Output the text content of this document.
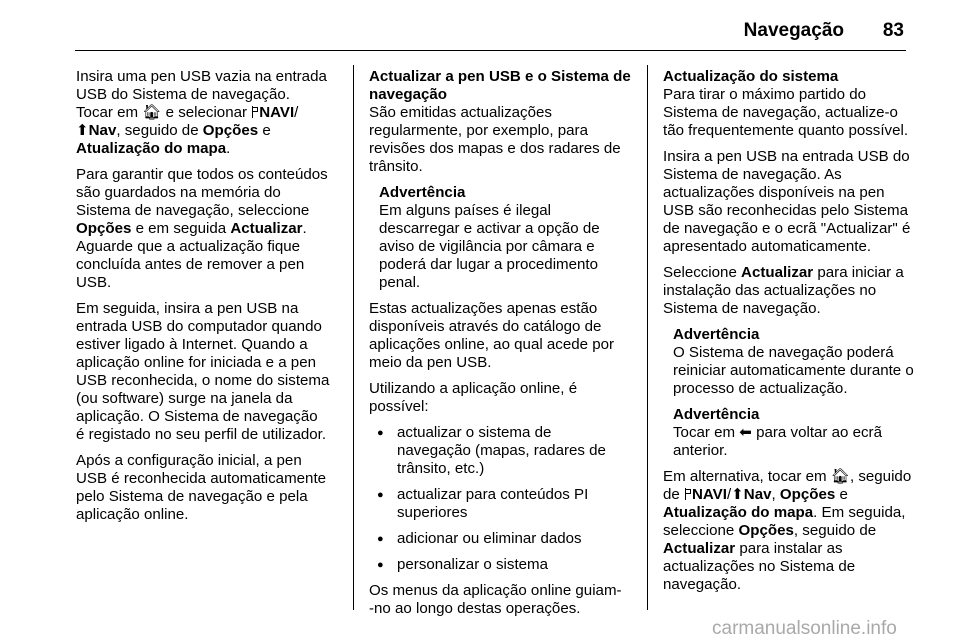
Navegação	83
Insira uma pen USB vazia na entrada
USB do Sistema de navegação.
Tocar em 🏠︎ e selecionar NAVI/
⬆Nav, seguido de Opções e
Atualização do mapa.
Para garantir que todos os conteúdos
são guardados na memória do
Sistema de navegação, seleccione
Opções e em seguida Actualizar.
Aguarde que a actualização fique
concluída antes de remover a pen
USB.
Em seguida, insira a pen USB na
entrada USB do computador quando
estiver ligado à Internet. Quando a
aplicação online for iniciada e a pen
USB reconhecida, o nome do sistema
(ou software) surge na janela da
aplicação. O Sistema de navegação
é registado no seu perfil de utilizador.
Após a configuração inicial, a pen
USB é reconhecida automaticamente
pelo Sistema de navegação e pela
aplicação online.
Actualizar a pen USB e o Sistema de
navegação
São emitidas actualizações
regularmente, por exemplo, para
revisões dos mapas e dos radares de
trânsito.
Advertência
Em alguns países é ilegal
descarregar e activar a opção de
aviso de vigilância por câmara e
poderá dar lugar a procedimento
penal.
Estas actualizações apenas estão
disponíveis através do catálogo de
aplicações online, ao qual acede por
meio da pen USB.
Utilizando a aplicação online, é
possível:
● actualizar o sistema de
navegação (mapas, radares de
trânsito, etc.)
● actualizar para conteúdos PI
superiores
● adicionar ou eliminar dados
● personalizar o sistema
Os menus da aplicação online guiam-
-no ao longo destas operações.
Actualização do sistema
Para tirar o máximo partido do
Sistema de navegação, actualize-o
tão frequentemente quanto possível.
Insira a pen USB na entrada USB do
Sistema de navegação. As
actualizações disponíveis na pen
USB são reconhecidas pelo Sistema
de navegação e o ecrã "Actualizar" é
apresentado automaticamente.
Seleccione Actualizar para iniciar a
instalação das actualizações no
Sistema de navegação.
Advertência
O Sistema de navegação poderá
reiniciar automaticamente durante o
processo de actualização.
Advertência
Tocar em ⬅ para voltar ao ecrã
anterior.
Em alternativa, tocar em 🏠︎, seguido
de NAVI/⬆Nav, Opções e
Atualização do mapa. Em seguida,
seleccione Opções, seguido de
Actualizar para instalar as
actualizações no Sistema de
navegação.
carmanualsonline.info
